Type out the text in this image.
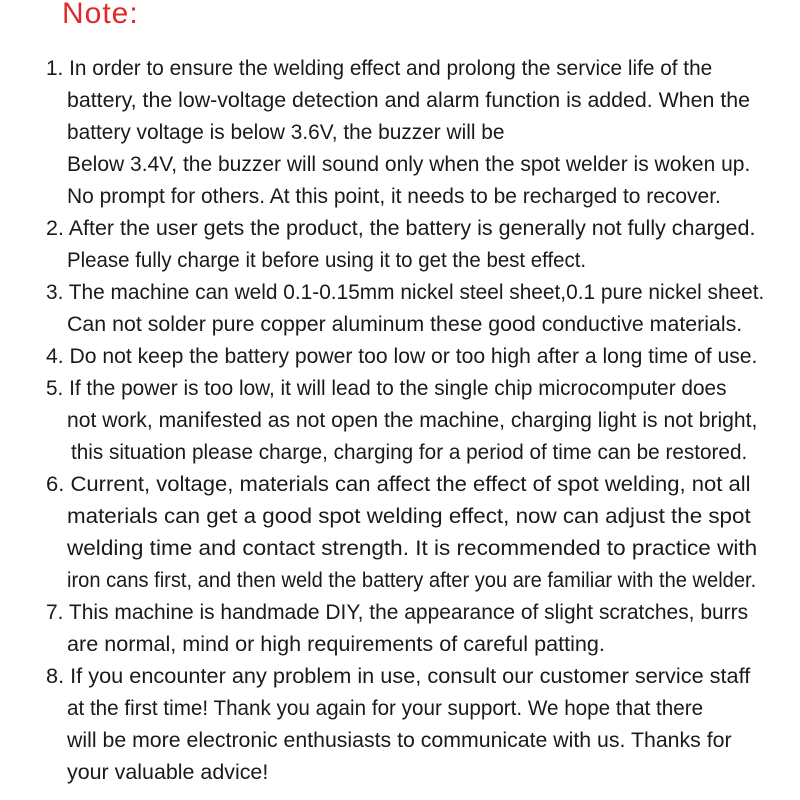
Note:
1. In order to ensure the welding effect and prolong the service life of the
battery, the low-voltage detection and alarm function is added. When the
battery voltage is below 3.6V, the buzzer will be
Below 3.4V, the buzzer will sound only when the spot welder is woken up.
No prompt for others. At this point, it needs to be recharged to recover.
2. After the user gets the product, the battery is generally not fully charged.
Please fully charge it before using it to get the best effect.
3. The machine can weld 0.1-0.15mm nickel steel sheet,0.1 pure nickel sheet.
Can not solder pure copper aluminum these good conductive materials.
4. Do not keep the battery power too low or too high after a long time of use.
5. If the power is too low, it will lead to the single chip microcomputer does
not work, manifested as not open the machine, charging light is not bright,
this situation please charge, charging for a period of time can be restored.
6. Current, voltage, materials can affect the effect of spot welding, not all
materials can get a good spot welding effect, now can adjust the spot
welding time and contact strength. It is recommended to practice with
iron cans first, and then weld the battery after you are familiar with the welder.
7. This machine is handmade DIY, the appearance of slight scratches, burrs
are normal, mind or high requirements of careful patting.
8. If you encounter any problem in use, consult our customer service staff
at the first time! Thank you again for your support. We hope that there
will be more electronic enthusiasts to communicate with us. Thanks for
your valuable advice!
